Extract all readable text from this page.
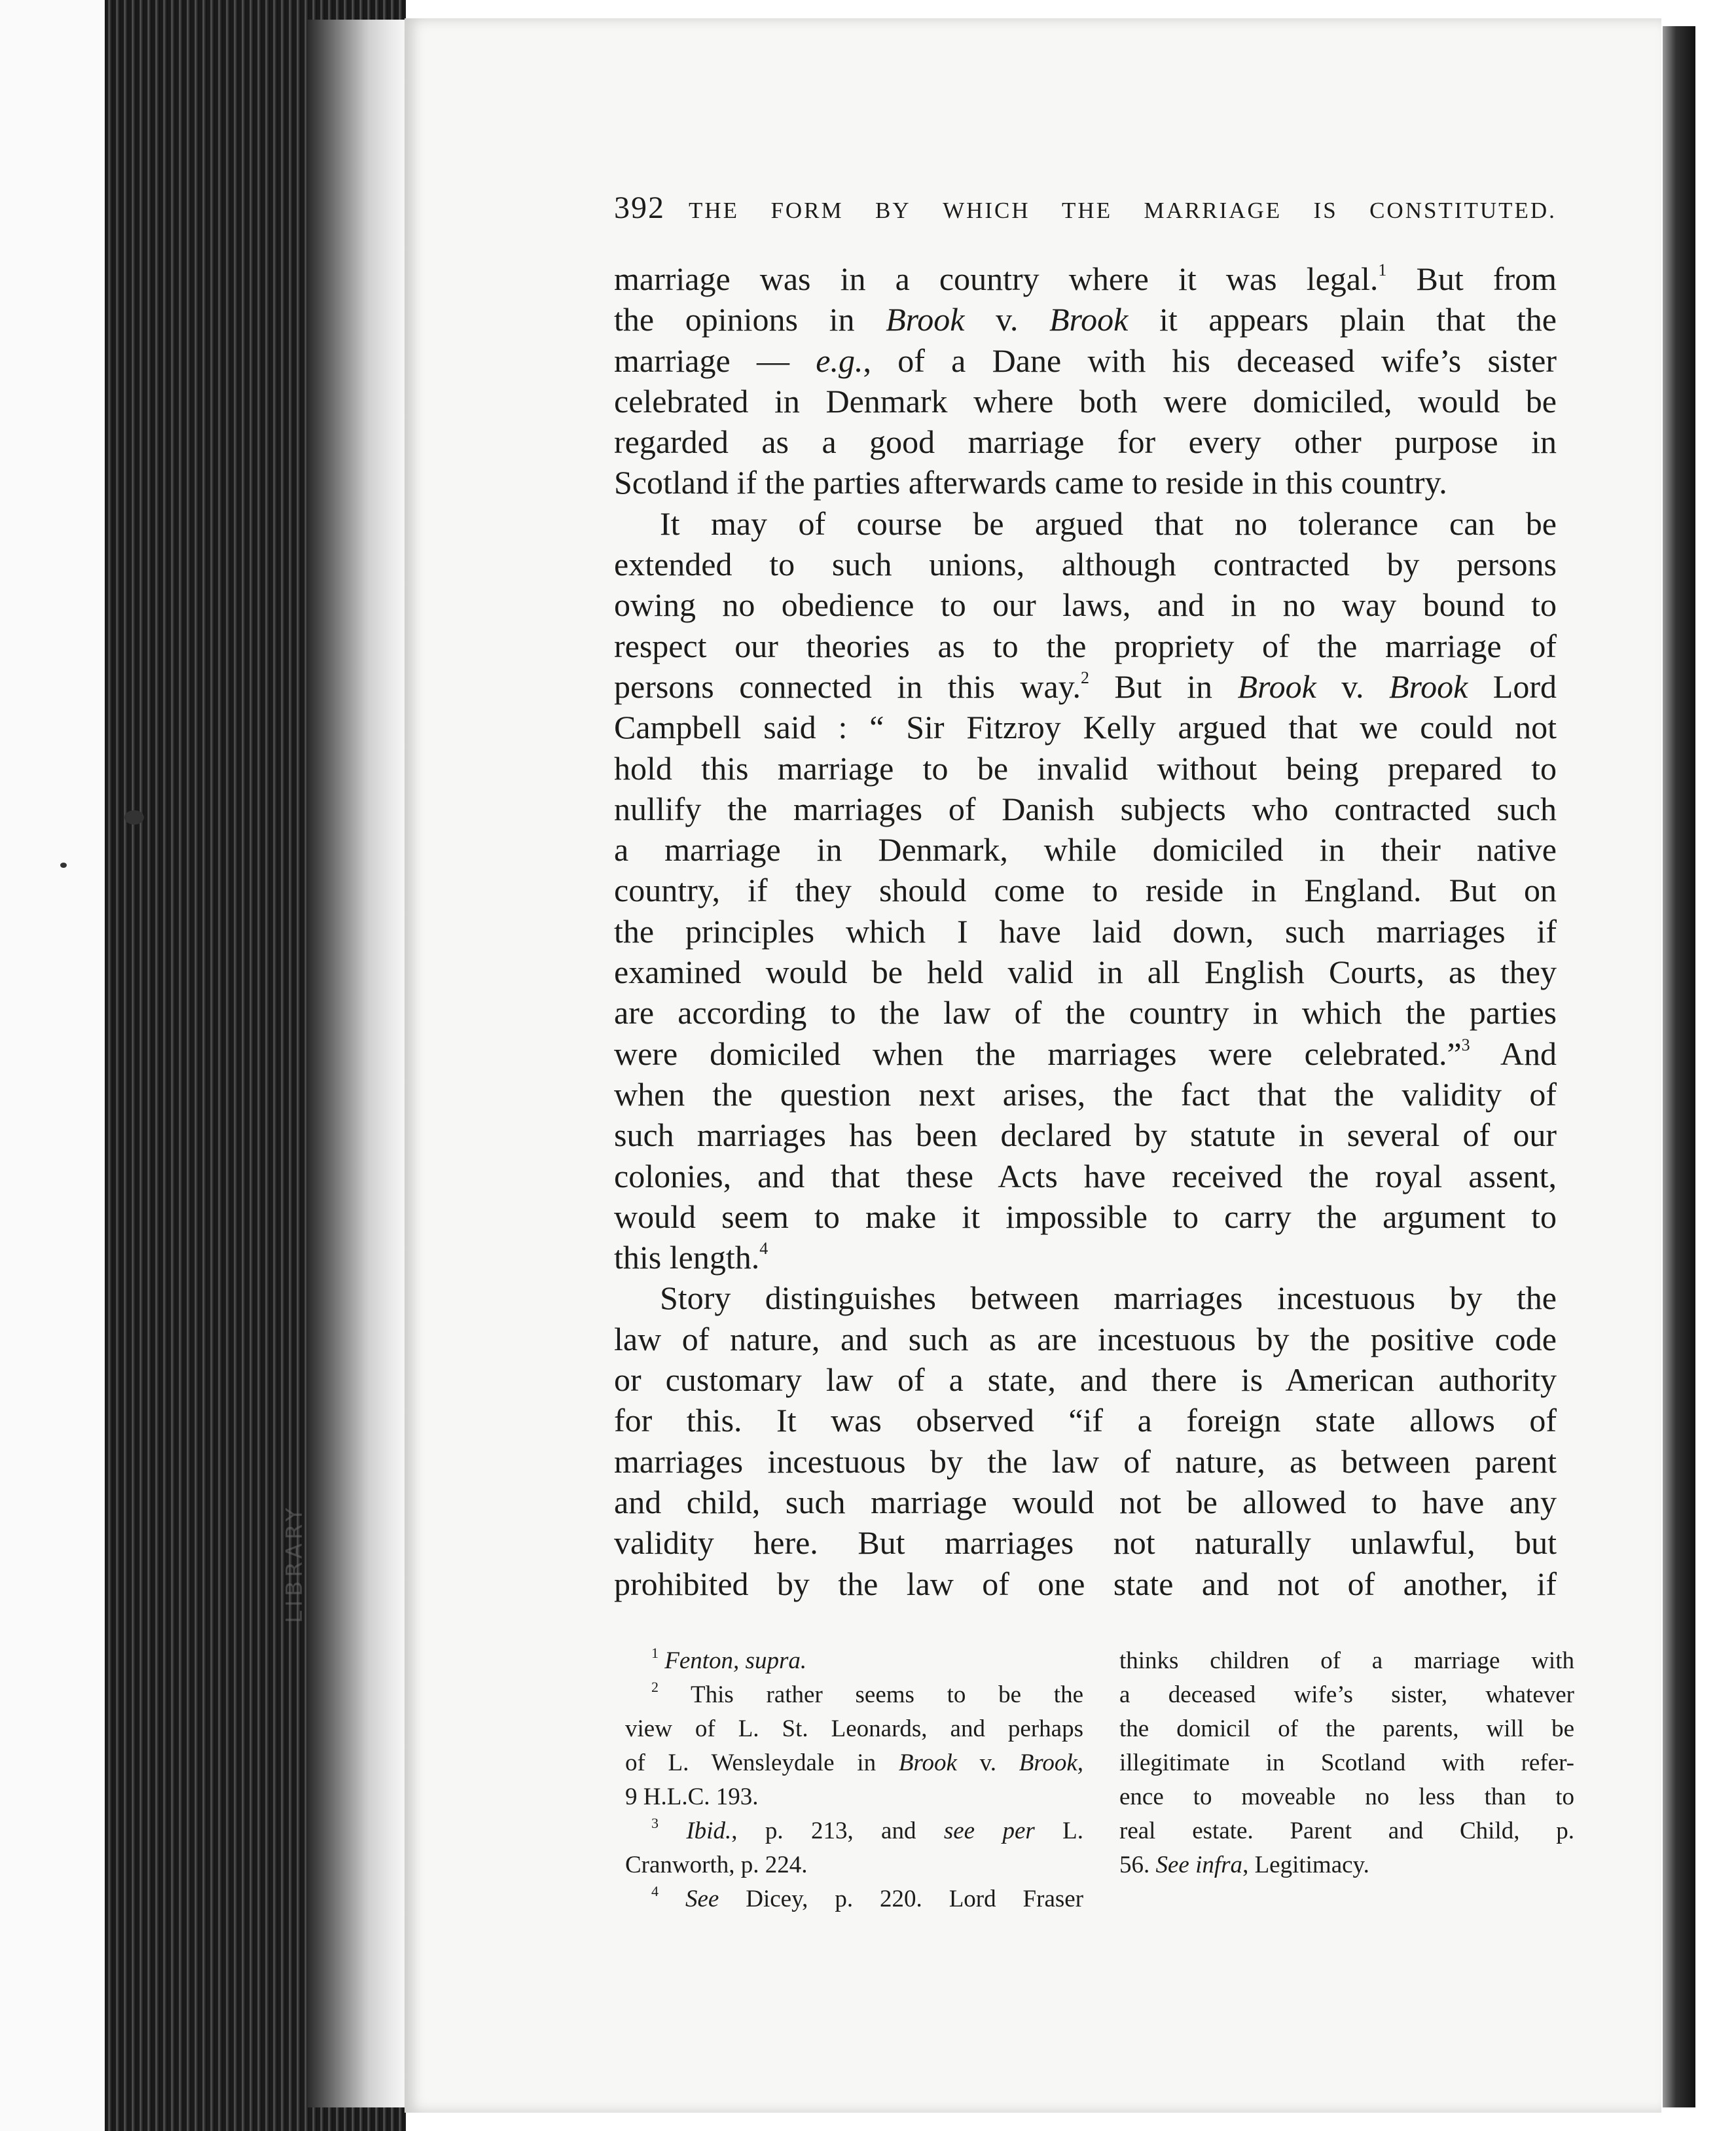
LIBRARY
392 THE FORM BY WHICH THE MARRIAGE IS CONSTITUTED.
marriage was in a country where it was legal.$^1$ But from
the opinions in Brook v. Brook it appears plain that the
marriage — e.g., of a Dane with his deceased wife’s sister
celebrated in Denmark where both were domiciled, would be
regarded as a good marriage for every other purpose in
Scotland if the parties afterwards came to reside in this country.
It may of course be argued that no tolerance can be
extended to such unions, although contracted by persons
owing no obedience to our laws, and in no way bound to
respect our theories as to the propriety of the marriage of
persons connected in this way.$^2$ But in Brook v. Brook Lord
Campbell said : “ Sir Fitzroy Kelly argued that we could not
hold this marriage to be invalid without being prepared to
nullify the marriages of Danish subjects who contracted such
a marriage in Denmark, while domiciled in their native
country, if they should come to reside in England. But on
the principles which I have laid down, such marriages if
examined would be held valid in all English Courts, as they
are according to the law of the country in which the parties
were domiciled when the marriages were celebrated.”$^3$ And
when the question next arises, the fact that the validity of
such marriages has been declared by statute in several of our
colonies, and that these Acts have received the royal assent,
would seem to make it impossible to carry the argument to
this length.$^4$
Story distinguishes between marriages incestuous by the
law of nature, and such as are incestuous by the positive code
or customary law of a state, and there is American authority
for this. It was observed “if a foreign state allows of
marriages incestuous by the law of nature, as between parent
and child, such marriage would not be allowed to have any
validity here. But marriages not naturally unlawful, but
prohibited by the law of one state and not of another, if
$^1$ Fenton, supra.
$^2$ This rather seems to be the
view of L. St. Leonards, and perhaps
of L. Wensleydale in Brook v. Brook,
9 H.L.C. 193.
$^3$ Ibid., p. 213, and see per L.
Cranworth, p. 224.
$^4$ See Dicey, p. 220. Lord Fraser
thinks children of a marriage with
a deceased wife’s sister, whatever
the domicil of the parents, will be
illegitimate in Scotland with refer-
ence to moveable no less than to
real estate. Parent and Child, p.
56. See infra, Legitimacy.
